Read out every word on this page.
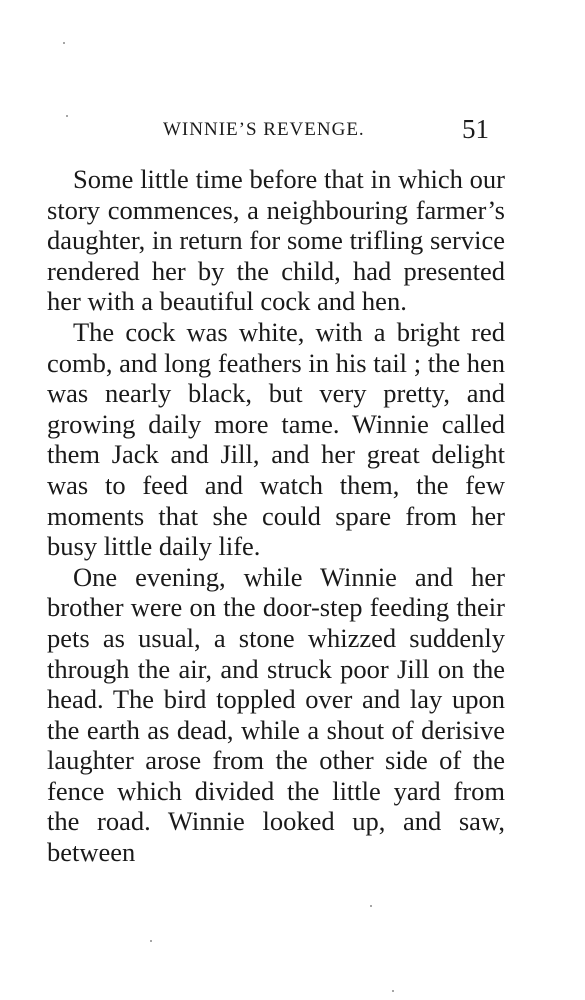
WINNIE’S REVENGE.	51

Some little time before that in which our story commences, a neighbouring farmer’s daughter, in return for some trifling service rendered her by the child, had presented her with a beautiful cock and hen.

The cock was white, with a bright red comb, and long feathers in his tail ; the hen was nearly black, but very pretty, and growing daily more tame. Winnie called them Jack and Jill, and her great delight was to feed and watch them, the few moments that she could spare from her busy little daily life.

One evening, while Winnie and her brother were on the door-step feeding their pets as usual, a stone whizzed suddenly through the air, and struck poor Jill on the head. The bird toppled over and lay upon the earth as dead, while a shout of derisive laughter arose from the other side of the fence which divided the little yard from the road. Winnie looked up, and saw, between
